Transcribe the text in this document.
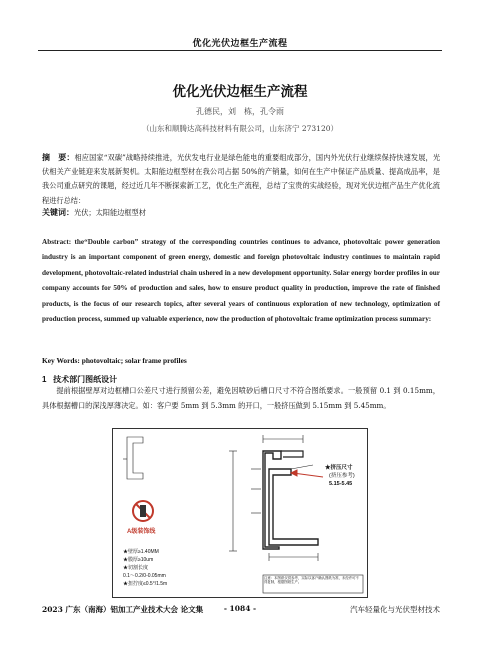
优化光伏边框生产流程
优化光伏边框生产流程
孔德民，刘　栋，孔令雨
（山东和顺腾达高科技材料有限公司，山东济宁 273120）
摘　要：相应国家“双碳”战略持续推进，光伏发电行业是绿色能电的重要组成部分，国内外光伏行业继续保持快速发展，光伏相关产业链迎来发展新契机。太阳能边框型材在我公司占据 50%的产销量，如何在生产中保证产品质量、提高成品率，是我公司重点研究的课题，经过近几年不断探索新工艺，优化生产流程，总结了宝贵的实战经验，现对光伏边框产品生产优化流程进行总结：
关键词：光伏；太阳能边框型材
Abstract: the“Double carbon” strategy of the corresponding countries continues to advance, photovoltaic power generation industry is an important component of green energy, domestic and foreign photovoltaic industry continues to maintain rapid development, photovoltaic-related industrial chain ushered in a new development opportunity. Solar energy border profiles in our company accounts for 50% of production and sales, how to ensure product quality in production, improve the rate of finished products, is the focus of our research topics, after several years of continuous exploration of new technology, optimization of production process, summed up valuable experience, now the production of photovoltaic frame optimization process summary:
Key Words: photovoltaic; solar frame profiles
1 技术部门图纸设计
提前根据壁厚对边框槽口公差尺寸进行预留公差，避免因喷砂后槽口尺寸不符合图纸要求。一般预留 0.1 到 0.15mm，具体根据槽口的深浅厚薄决定。如：客户要 5mm 到 5.3mm 的开口，一般挤压做到 5.15mm 到 5.45mm。
A级装饰线
★挤压尺寸
(挤压参考)
5.15-5.45
★壁厚≥1.40MM
★膜厚≥10um
★切割长度
0.1～0.2/0-0.05mm
★扭拧度≤0.5°/1.5m
注意：本图纸仅供参考，实际以客户确认图纸为准，未经许可不得复制，根据图纸生产。
2023 广东（南海）铝加工产业技术大会 论文集	- 1084 -	汽车轻量化与光伏型材技术
